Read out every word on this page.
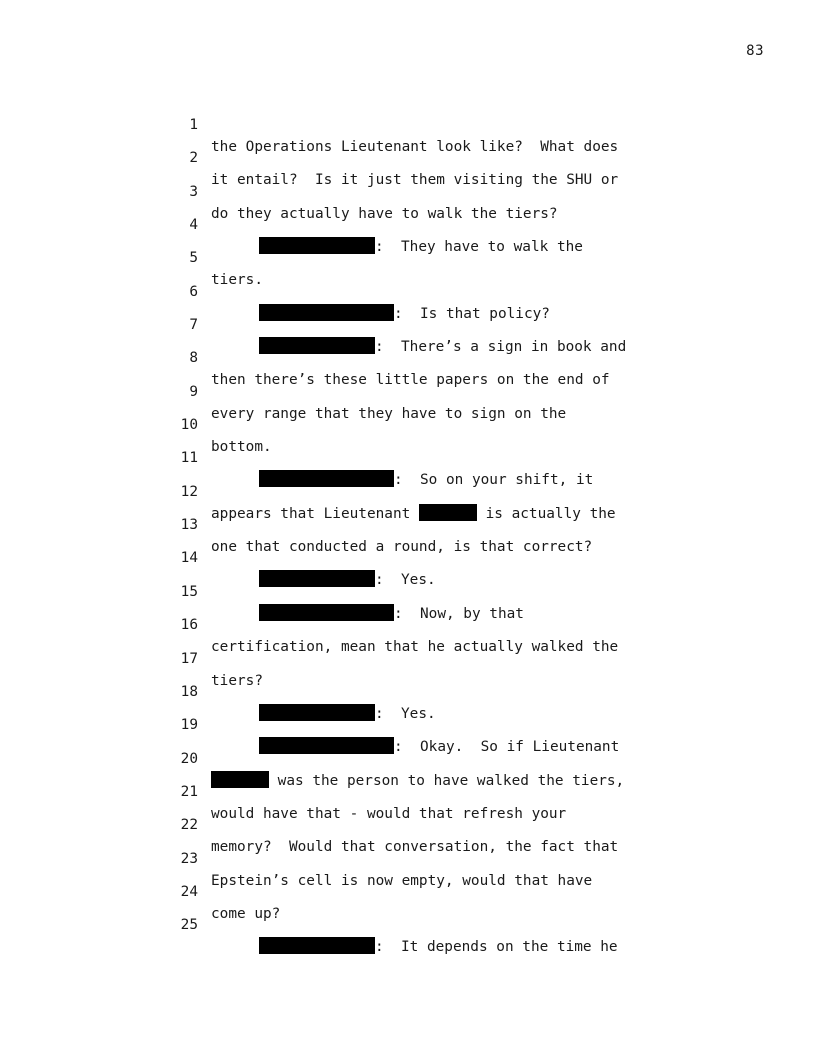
83

1

the Operations Lieutenant look like?  What does

2

it entail?  Is it just them visiting the SHU or

3

do they actually have to walk the tiers?

4

:  They have to walk the

5

tiers.

6

:  Is that policy?

7

:  There’s a sign in book and

8

then there’s these little papers on the end of

9

every range that they have to sign on the

10

bottom.

11

:  So on your shift, it

12

appears that Lieutenant	is actually the

13

one that conducted a round, is that correct?

14

:  Yes.

15

:  Now, by that

16

certification, mean that he actually walked the

17

tiers?

18

:  Yes.

19

:  Okay.  So if Lieutenant

20

was the person to have walked the tiers,

21

would have that - would that refresh your

22

memory?  Would that conversation, the fact that

23

Epstein’s cell is now empty, would that have

24

come up?

25

:  It depends on the time he
